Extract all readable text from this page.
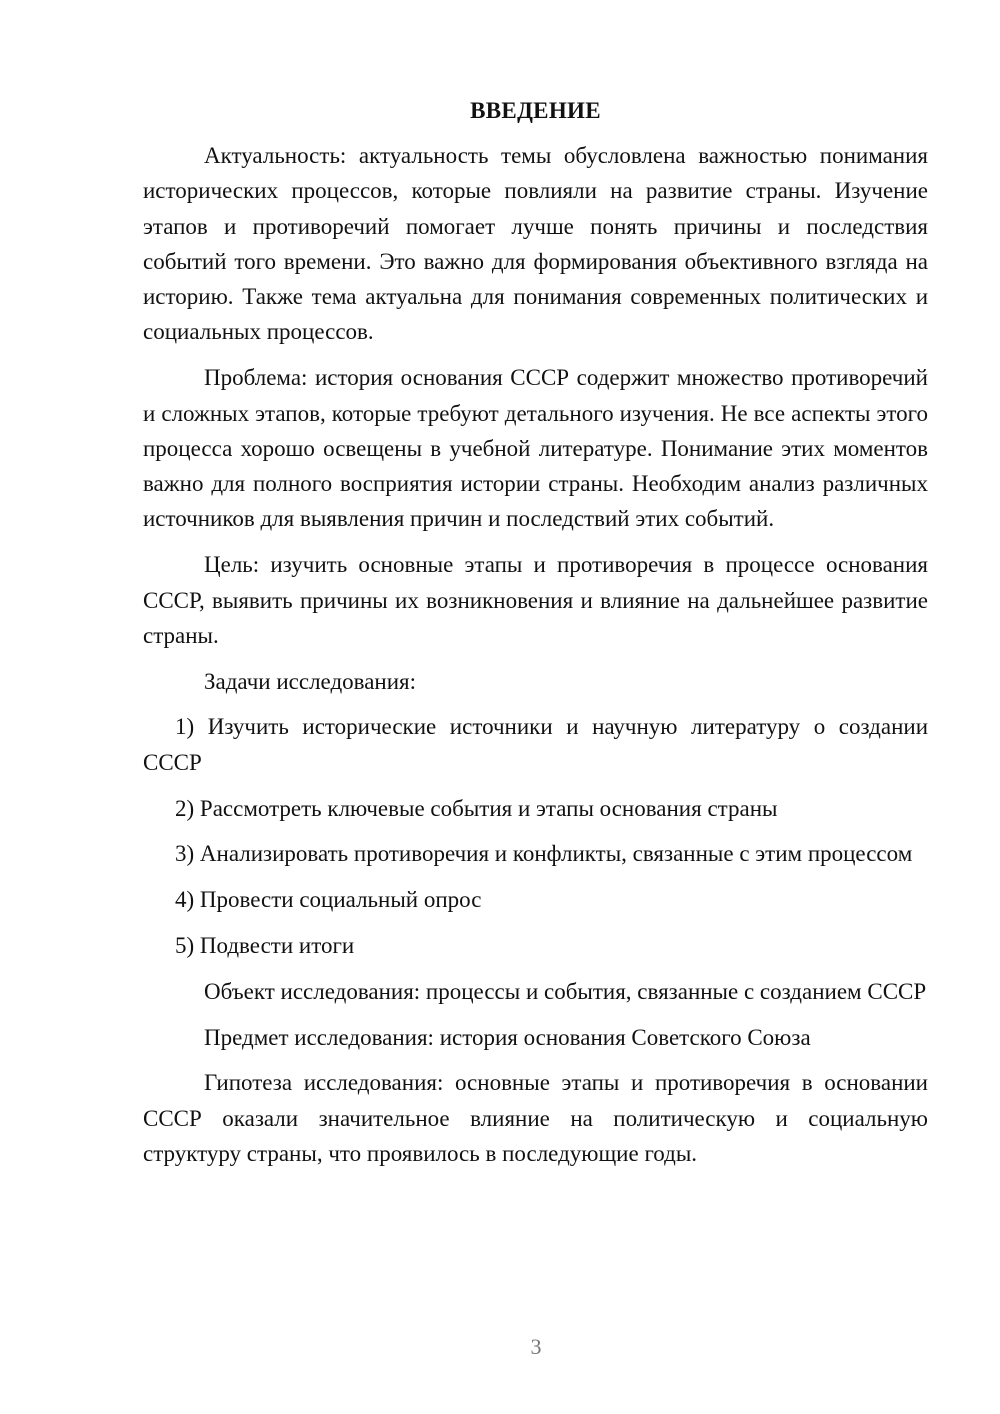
ВВЕДЕНИЕ

Актуальность: актуальность темы обусловлена важностью понимания исторических процессов, которые повлияли на развитие страны. Изучение этапов и противоречий помогает лучше понять причины и последствия событий того времени. Это важно для формирования объективного взгляда на историю. Также тема актуальна для понимания современных политических и социальных процессов.

Проблема: история основания СССР содержит множество противоречий и сложных этапов, которые требуют детального изучения. Не все аспекты этого процесса хорошо освещены в учебной литературе. Понимание этих моментов важно для полного восприятия истории страны. Необходим анализ различных источников для выявления причин и последствий этих событий.

Цель: изучить основные этапы и противоречия в процессе основания СССР, выявить причины их возникновения и влияние на дальнейшее развитие страны.

Задачи исследования:

1) Изучить исторические источники и научную литературу о создании СССР

2) Рассмотреть ключевые события и этапы основания страны

3) Анализировать противоречия и конфликты, связанные с этим процессом

4) Провести социальный опрос

5) Подвести итоги

Объект исследования: процессы и события, связанные с созданием СССР

Предмет исследования: история основания Советского Союза

Гипотеза исследования: основные этапы и противоречия в основании СССР оказали значительное влияние на политическую и социальную структуру страны, что проявилось в последующие годы.

3
